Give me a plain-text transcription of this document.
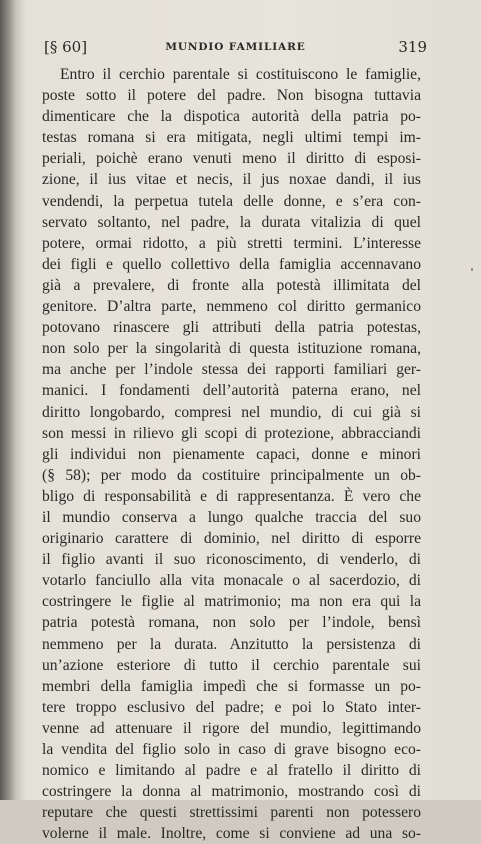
[§ 60]	MUNDIO FAMILIARE	319
Entro il cerchio parentale si costituiscono le famiglie,
poste sotto il potere del padre. Non bisogna tuttavia
dimenticare che la dispotica autorità della patria po-
testas romana si era mitigata, negli ultimi tempi im-
periali, poichè erano venuti meno il diritto di esposi-
zione, il ius vitae et necis, il jus noxae dandi, il ius
vendendi, la perpetua tutela delle donne, e s’era con-
servato soltanto, nel padre, la durata vitalizia di quel
potere, ormai ridotto, a più stretti termini. L’interesse
dei figli e quello collettivo della famiglia accennavano
già a prevalere, di fronte alla potestà illimitata del
genitore. D’altra parte, nemmeno col diritto germanico
potovano rinascere gli attributi della patria potestas,
non solo per la singolarità di questa istituzione romana,
ma anche per l’indole stessa dei rapporti familiari ger-
manici. I fondamenti dell’autorità paterna erano, nel
diritto longobardo, compresi nel mundio, di cui già si
son messi in rilievo gli scopi di protezione, abbracciandi
gli individui non pienamente capaci, donne e minori
(§ 58); per modo da costituire principalmente un ob-
bligo di responsabilità e di rappresentanza. È vero che
il mundio conserva a lungo qualche traccia del suo
originario carattere di dominio, nel diritto di esporre
il figlio avanti il suo riconoscimento, di venderlo, di
votarlo fanciullo alla vita monacale o al sacerdozio, di
costringere le figlie al matrimonio; ma non era qui la
patria potestà romana, non solo per l’indole, bensì
nemmeno per la durata. Anzitutto la persistenza di
un’azione esteriore di tutto il cerchio parentale sui
membri della famiglia impedì che si formasse un po-
tere troppo esclusivo del padre; e poi lo Stato inter-
venne ad attenuare il rigore del mundio, legittimando
la vendita del figlio solo in caso di grave bisogno eco-
nomico e limitando al padre e al fratello il diritto di
costringere la donna al matrimonio, mostrando così di
reputare che questi strettissimi parenti non potessero
volerne il male. Inoltre, come si conviene ad una so-
